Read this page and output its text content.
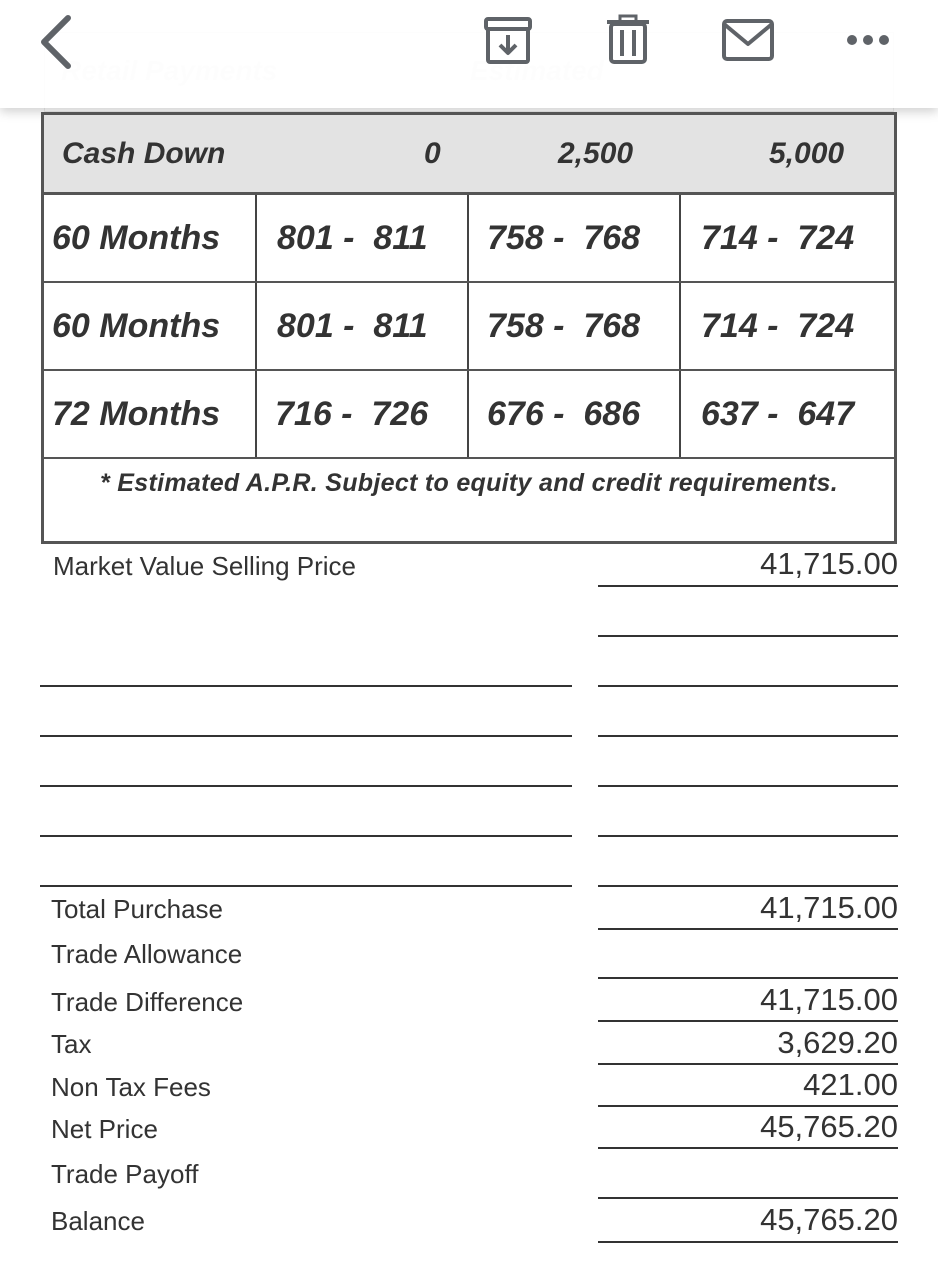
Cash Down	0	2,500	5,000
60 Months	801 -  811	758 -  768	714 -  724
60 Months	801 -  811	758 -  768	714 -  724
72 Months	716 -  726	676 -  686	637 -  647
* Estimated A.P.R. Subject to equity and credit requirements.
Market Value Selling Price	41,715.00
Total Purchase	41,715.00
Trade Allowance
Trade Difference	41,715.00
Tax	3,629.20
Non Tax Fees	421.00
Net Price	45,765.20
Trade Payoff
Balance	45,765.20
